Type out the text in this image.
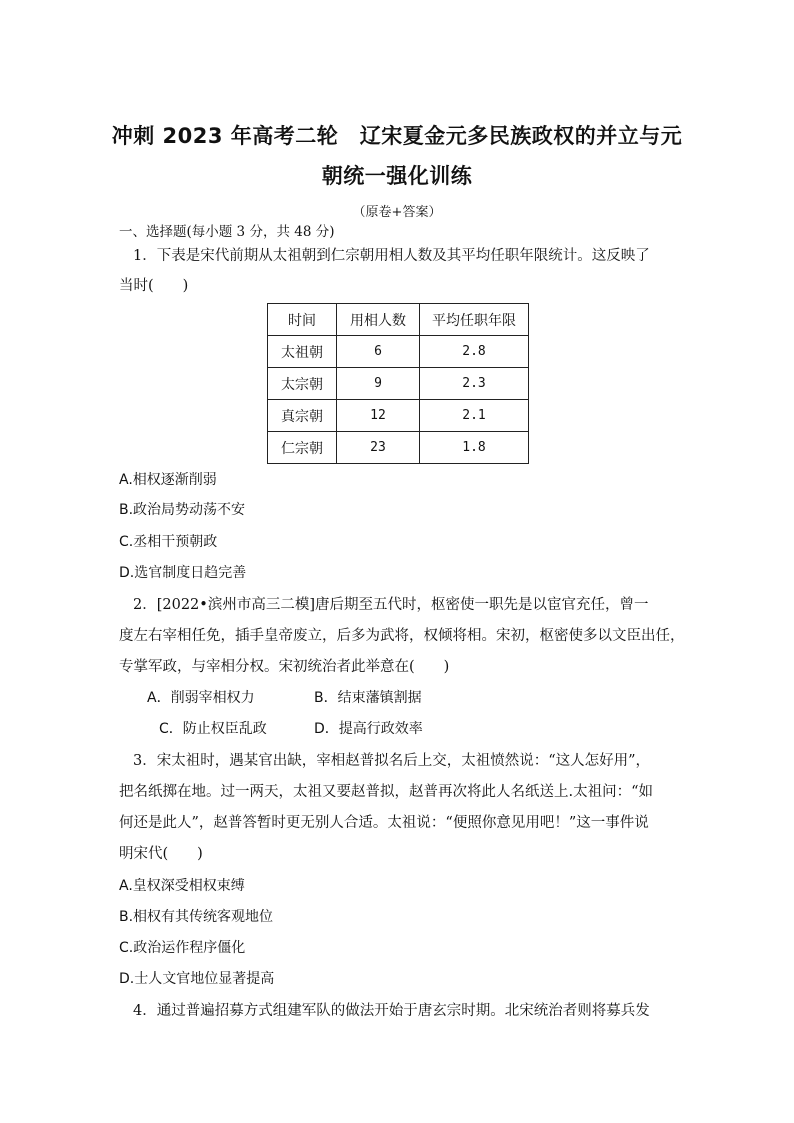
冲刺 2023 年高考二轮　辽宋夏金元多民族政权的并立与元
朝统一强化训练
（原卷+答案）
一、选择题(每小题 3 分，共 48 分)
1．下表是宋代前期从太祖朝到仁宗朝用相人数及其平均任职年限统计。这反映了
当时(　　)
时间	用相人数	平均任职年限
太祖朝	6	2.8
太宗朝	9	2.3
真宗朝	12	2.1
仁宗朝	23	1.8
A.相权逐渐削弱
B.政治局势动荡不安
C.丞相干预朝政
D.选官制度日趋完善
2．[2022•滨州市高三二模]唐后期至五代时，枢密使一职先是以宦官充任，曾一
度左右宰相任免，插手皇帝废立，后多为武将，权倾将相。宋初，枢密使多以文臣出任，
专掌军政，与宰相分权。宋初统治者此举意在(　　)
A．削弱宰相权力	B．结束藩镇割据
C．防止权臣乱政	D．提高行政效率
3．宋太祖时，遇某官出缺，宰相赵普拟名后上交，太祖愤然说：“这人怎好用”，
把名纸掷在地。过一两天，太祖又要赵普拟，赵普再次将此人名纸送上.太祖问：“如
何还是此人”，赵普答暂时更无别人合适。太祖说：“便照你意见用吧！”这一事件说
明宋代(　　)
A.皇权深受相权束缚
B.相权有其传统客观地位
C.政治运作程序僵化
D.士人文官地位显著提高
4．通过普遍招募方式组建军队的做法开始于唐玄宗时期。北宋统治者则将募兵发
